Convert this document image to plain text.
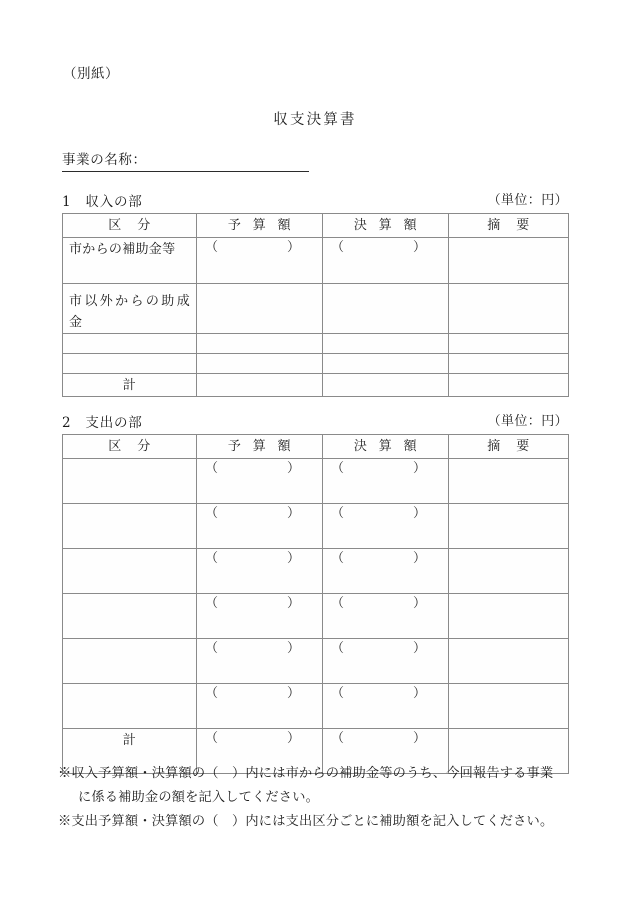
（別紙）
収支決算書
事業の名称：
1 収入の部	（単位：円）
区 分	予 算 額	決 算 額	摘 要

市からの補助金等	（ ）	（ ）	

市以外からの助成
金			

計			
2 支出の部	（単位：円）
区 分	予 算 額	決 算 額	摘 要

	（ ）	（ ）	

	（ ）	（ ）	

	（ ）	（ ）	

	（ ）	（ ）	

	（ ）	（ ）	

	（ ）	（ ）	

計	（ ）	（ ）	

※収入予算額・決算額の（　）内には市からの補助金等のうち、今回報告する事業
に係る補助金の額を記入してください。
※支出予算額・決算額の（　）内には支出区分ごとに補助額を記入してください。
